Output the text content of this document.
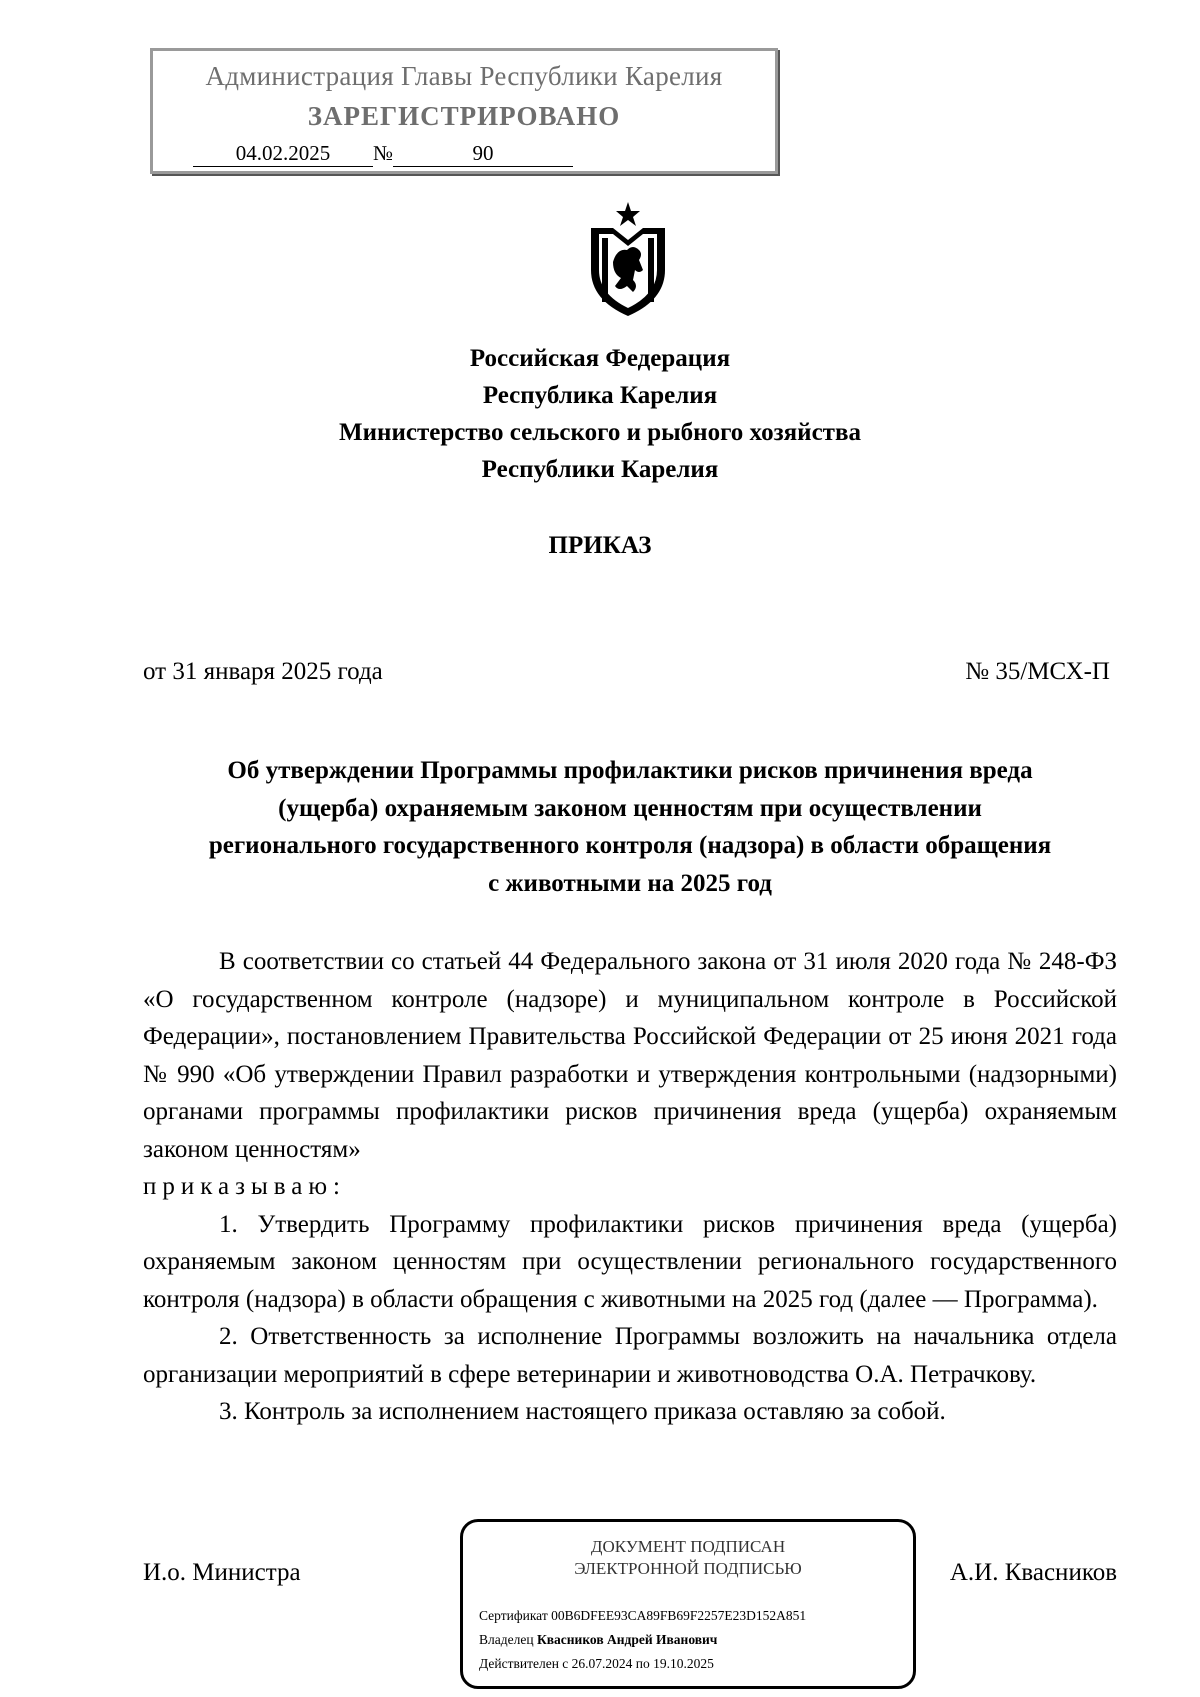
Администрация Главы Республики Карелия
ЗАРЕГИСТРИРОВАНО
04.02.2025 №	90
Российская Федерация
Республика Карелия
Министерство сельского и рыбного хозяйства
Республики Карелия
ПРИКАЗ
от 31 января 2025 года	№ 35/МСХ-П
Об утверждении Программы профилактики рисков причинения вреда
(ущерба) охраняемым законом ценностям при осуществлении
регионального государственного контроля (надзора) в области обращения
с животными на 2025 год

В соответствии со статьей 44 Федерального закона от 31 июля 2020 года № 248-ФЗ «О государственном контроле (надзоре) и муниципальном контроле в Российской Федерации», постановлением Правительства Российской Федерации от 25 июня 2021 года № 990 «Об утверждении Правил разработки и утверждения контрольными (надзорными) органами программы профилактики рисков причинения вреда (ущерба) охраняемым законом ценностям»

приказываю:

1. Утвердить Программу профилактики рисков причинения вреда (ущерба) охраняемым законом ценностям при осуществлении регионального государственного контроля (надзора) в области обращения с животными на 2025 год (далее — Программа).

2. Ответственность за исполнение Программы возложить на начальника отдела организации мероприятий в сфере ветеринарии и животноводства О.А. Петрачкову.

3. Контроль за исполнением настоящего приказа оставляю за собой.

И.о. Министра	А.И. Квасников
ДОКУМЕНТ ПОДПИСАН
ЭЛЕКТРОННОЙ ПОДПИСЬЮ
Сертификат 00B6DFEE93CA89FB69F2257E23D152A851
Владелец Квасников Андрей Иванович
Действителен с 26.07.2024 по 19.10.2025
